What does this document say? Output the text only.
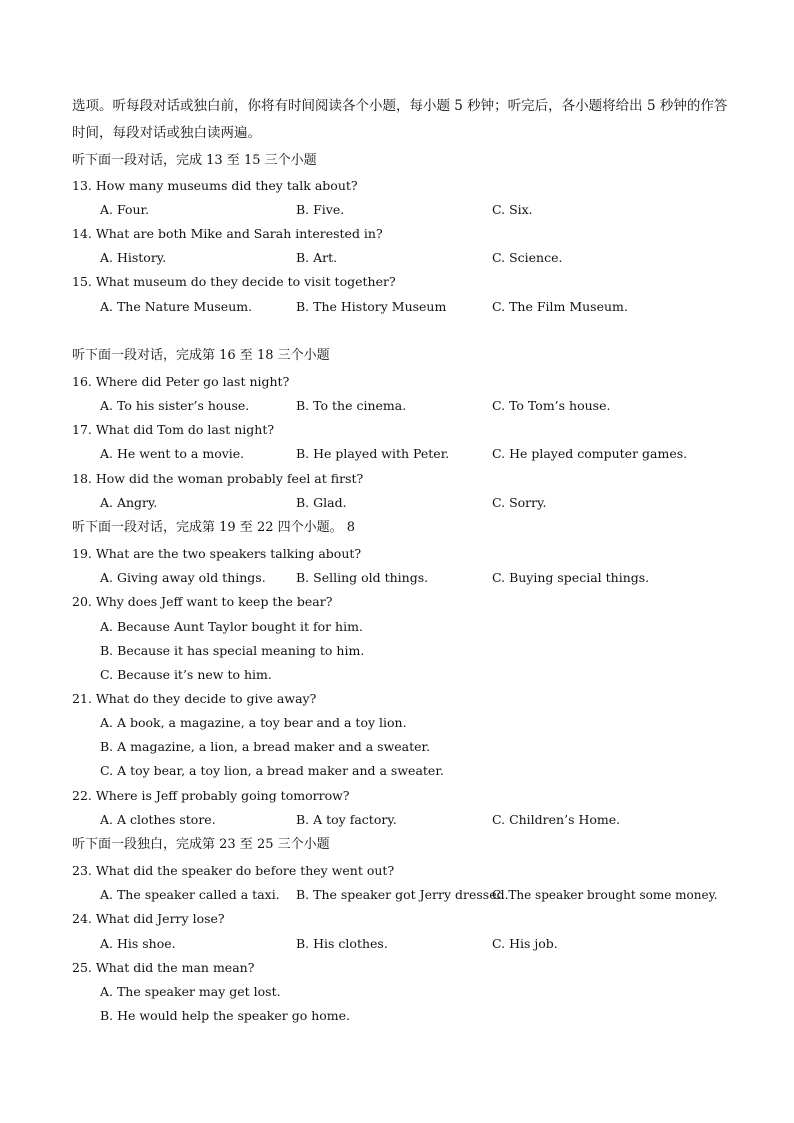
选项。听每段对话或独白前，你将有时间阅读各个小题，每小题 5 秒钟；听完后，各小题将给出 5 秒钟的作答时间，每段对话或独白读两遍。
听下面一段对话，完成 13 至 15 三个小题
13. How many museums did they talk about?
A. Four.	B. Five.	C. Six.
14. What are both Mike and Sarah interested in?
A. History.	B. Art.	C. Science.
15. What museum do they decide to visit together?
A. The Nature Museum.	B. The History Museum	C. The Film Museum.
听下面一段对话，完成第 16 至 18 三个小题
16. Where did Peter go last night?
A. To his sister’s house.	B. To the cinema.	C. To Tom’s house.
17. What did Tom do last night?
A. He went to a movie.	B. He played with Peter.	C. He played computer games.
18. How did the woman probably feel at first?
A. Angry.	B. Glad.	C. Sorry.
听下面一段对话，完成第 19 至 22 四个小题。 8
19. What are the two speakers talking about?
A. Giving away old things. B. Selling old things.	C. Buying special things.
20. Why does Jeff want to keep the bear?
A. Because Aunt Taylor bought it for him.
B. Because it has special meaning to him.
C. Because it’s new to him.
21. What do they decide to give away?
A. A book, a magazine, a toy bear and a toy lion.
B. A magazine, a lion, a bread maker and a sweater.
C. A toy bear, a toy lion, a bread maker and a sweater.
22. Where is Jeff probably going tomorrow?
A. A clothes store.	B. A toy factory.	C. Children’s Home.
听下面一段独白，完成第 23 至 25 三个小题
23. What did the speaker do before they went out?
A. The speaker called a taxi. B. The speaker got Jerry dressed.
C. The speaker brought some money.
24. What did Jerry lose?
A. His shoe.	B. His clothes.	C. His job.
25. What did the man mean?
A. The speaker may get lost.
B. He would help the speaker go home.
